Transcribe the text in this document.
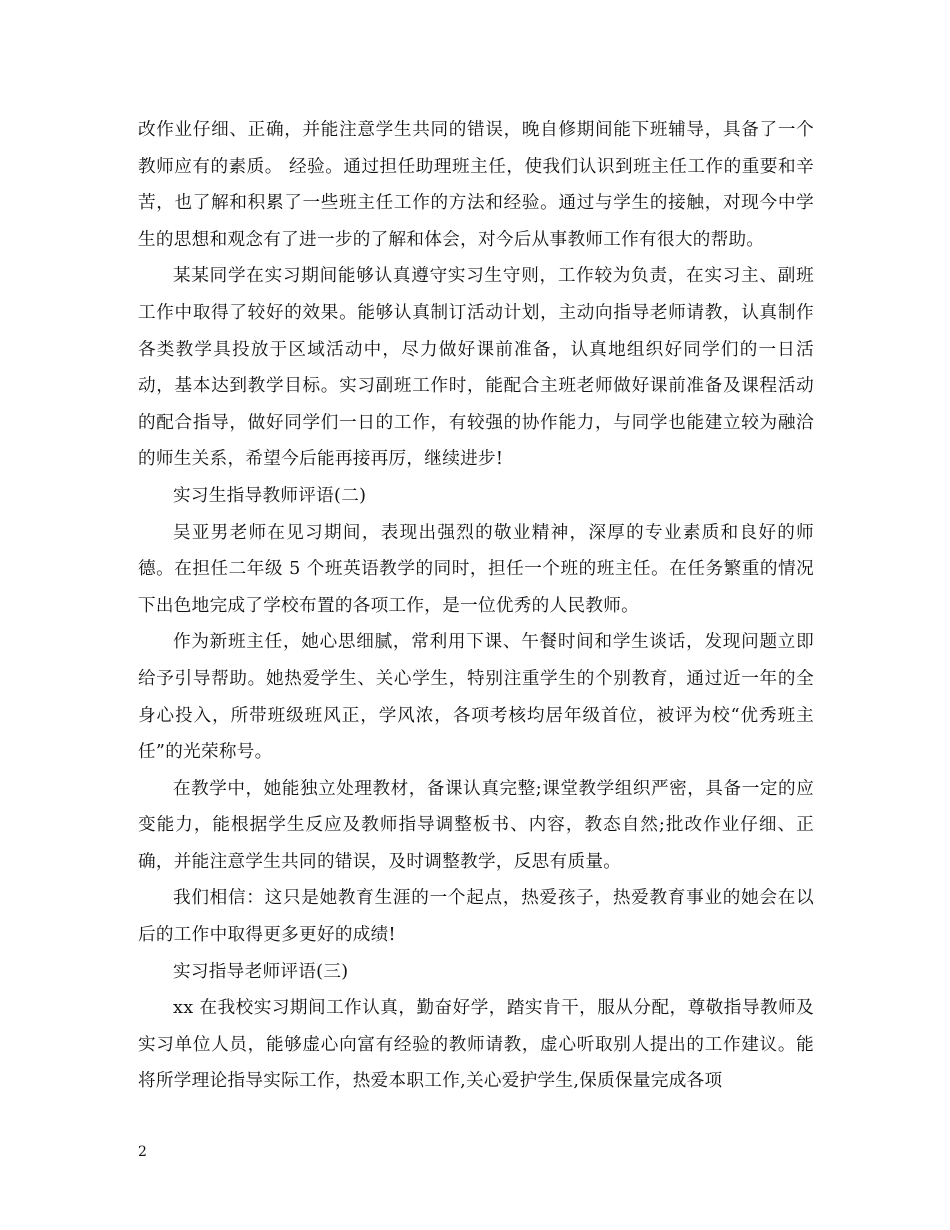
改作业仔细、正确，并能注意学生共同的错误，晚自修期间能下班辅导，具备了一个教师应有的素质。 经验。通过担任助理班主任，使我们认识到班主任工作的重要和辛苦，也了解和积累了一些班主任工作的方法和经验。通过与学生的接触，对现今中学生的思想和观念有了进一步的了解和体会，对今后从事教师工作有很大的帮助。

某某同学在实习期间能够认真遵守实习生守则，工作较为负责，在实习主、副班工作中取得了较好的效果。能够认真制订活动计划，主动向指导老师请教，认真制作各类教学具投放于区域活动中，尽力做好课前准备，认真地组织好同学们的一日活动，基本达到教学目标。实习副班工作时，能配合主班老师做好课前准备及课程活动的配合指导，做好同学们一日的工作，有较强的协作能力，与同学也能建立较为融洽的师生关系，希望今后能再接再厉，继续进步!

实习生指导教师评语(二)

吴亚男老师在见习期间，表现出强烈的敬业精神，深厚的专业素质和良好的师德。在担任二年级 5 个班英语教学的同时，担任一个班的班主任。在任务繁重的情况下出色地完成了学校布置的各项工作，是一位优秀的人民教师。

作为新班主任，她心思细腻，常利用下课、午餐时间和学生谈话，发现问题立即给予引导帮助。她热爱学生、关心学生，特别注重学生的个别教育，通过近一年的全身心投入，所带班级班风正，学风浓，各项考核均居年级首位，被评为校“优秀班主任”的光荣称号。

在教学中，她能独立处理教材，备课认真完整;课堂教学组织严密，具备一定的应变能力，能根据学生反应及教师指导调整板书、内容，教态自然;批改作业仔细、正确，并能注意学生共同的错误，及时调整教学，反思有质量。

我们相信：这只是她教育生涯的一个起点，热爱孩子，热爱教育事业的她会在以后的工作中取得更多更好的成绩!

实习指导老师评语(三)

xx 在我校实习期间工作认真，勤奋好学，踏实肯干，服从分配，尊敬指导教师及实习单位人员，能够虚心向富有经验的教师请教，虚心听取别人提出的工作建议。能将所学理论指导实际工作，热爱本职工作,关心爱护学生,保质保量完成各项

2
